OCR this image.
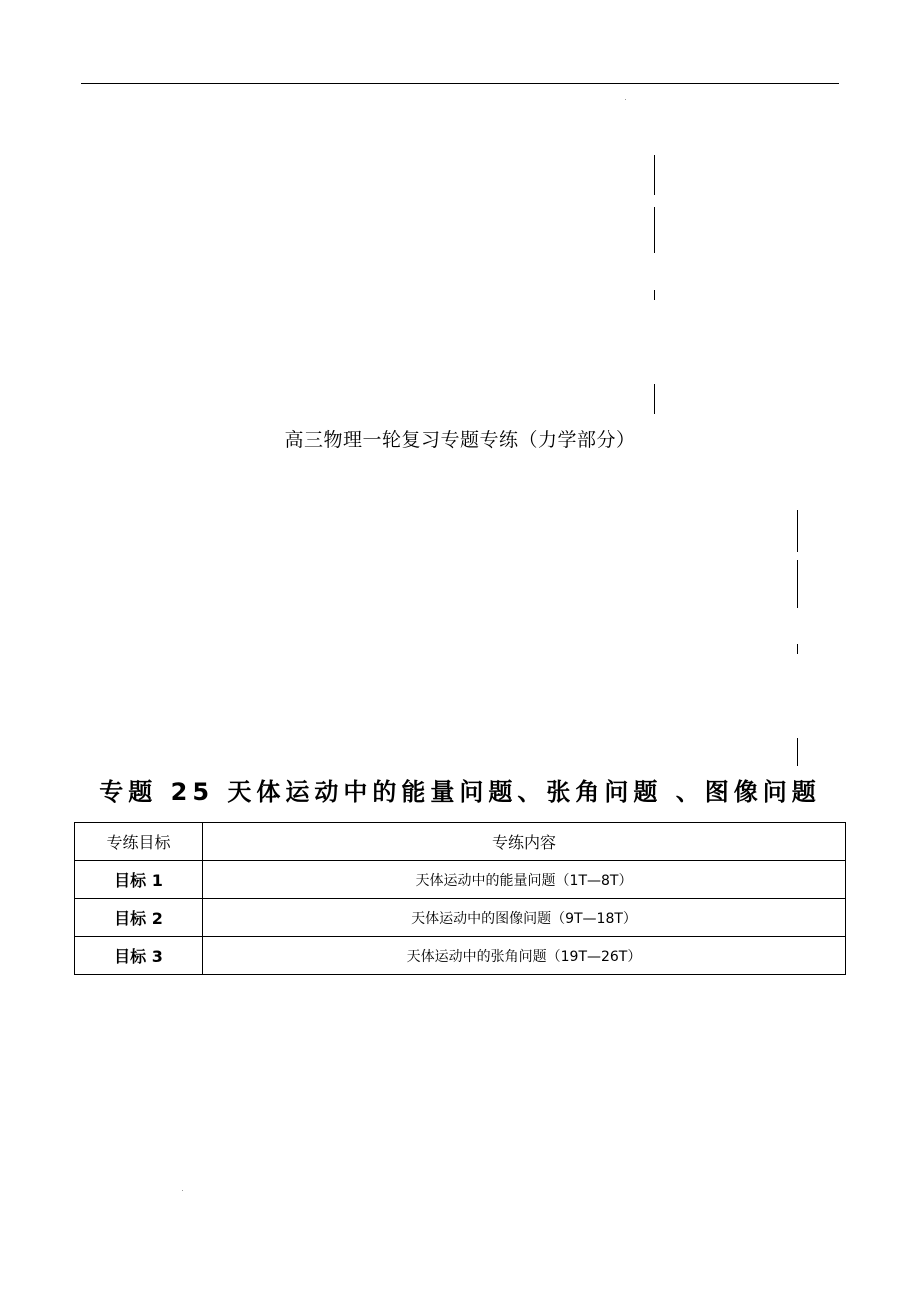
高三物理一轮复习专题专练（力学部分）
专题 25 天体运动中的能量问题、张角问题 、图像问题
专练目标	专练内容
目标 1	天体运动中的能量问题（1T—8T）
目标 2	天体运动中的图像问题（9T—18T）
目标 3	天体运动中的张角问题（19T—26T）
